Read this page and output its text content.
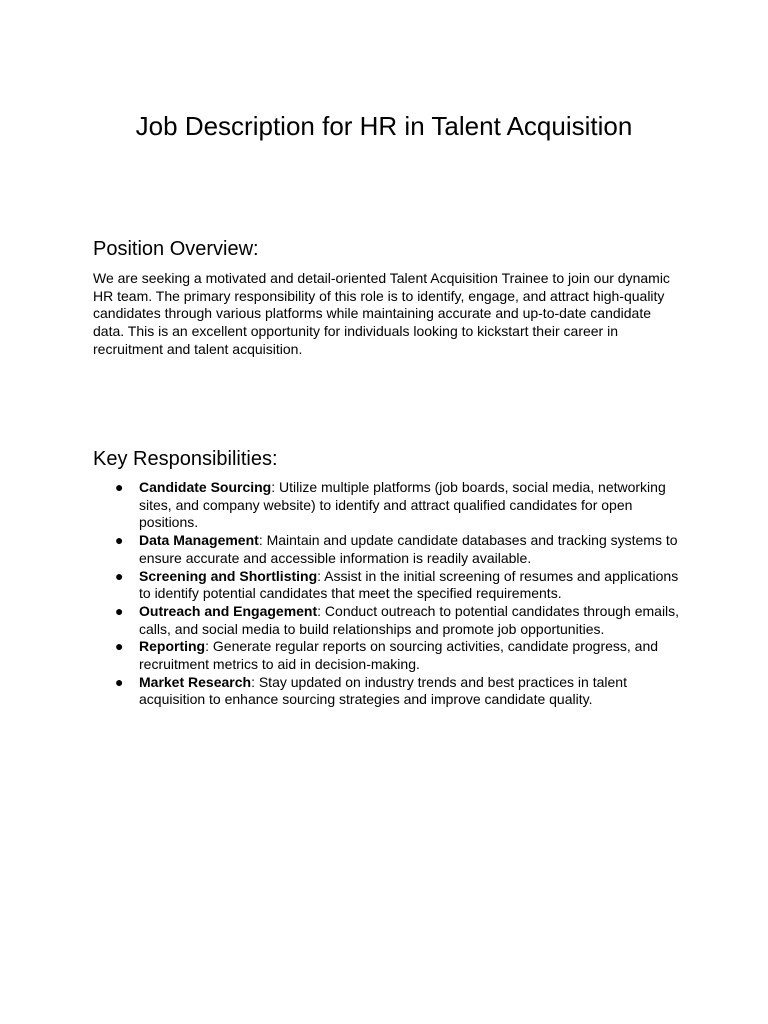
Job Description for HR in Talent Acquisition
Position Overview:

We are seeking a motivated and detail-oriented Talent Acquisition Trainee to join our dynamic HR team. The primary responsibility of this role is to identify, engage, and attract high-quality candidates through various platforms while maintaining accurate and up-to-date candidate data. This is an excellent opportunity for individuals looking to kickstart their career in recruitment and talent acquisition.

Key Responsibilities:
● Candidate Sourcing: Utilize multiple platforms (job boards, social media, networking sites, and company website) to identify and attract qualified candidates for open positions.
● Data Management: Maintain and update candidate databases and tracking systems to ensure accurate and accessible information is readily available.
● Screening and Shortlisting: Assist in the initial screening of resumes and applications to identify potential candidates that meet the specified requirements.
● Outreach and Engagement: Conduct outreach to potential candidates through emails, calls, and social media to build relationships and promote job opportunities.
● Reporting: Generate regular reports on sourcing activities, candidate progress, and recruitment metrics to aid in decision-making.
● Market Research: Stay updated on industry trends and best practices in talent acquisition to enhance sourcing strategies and improve candidate quality.
